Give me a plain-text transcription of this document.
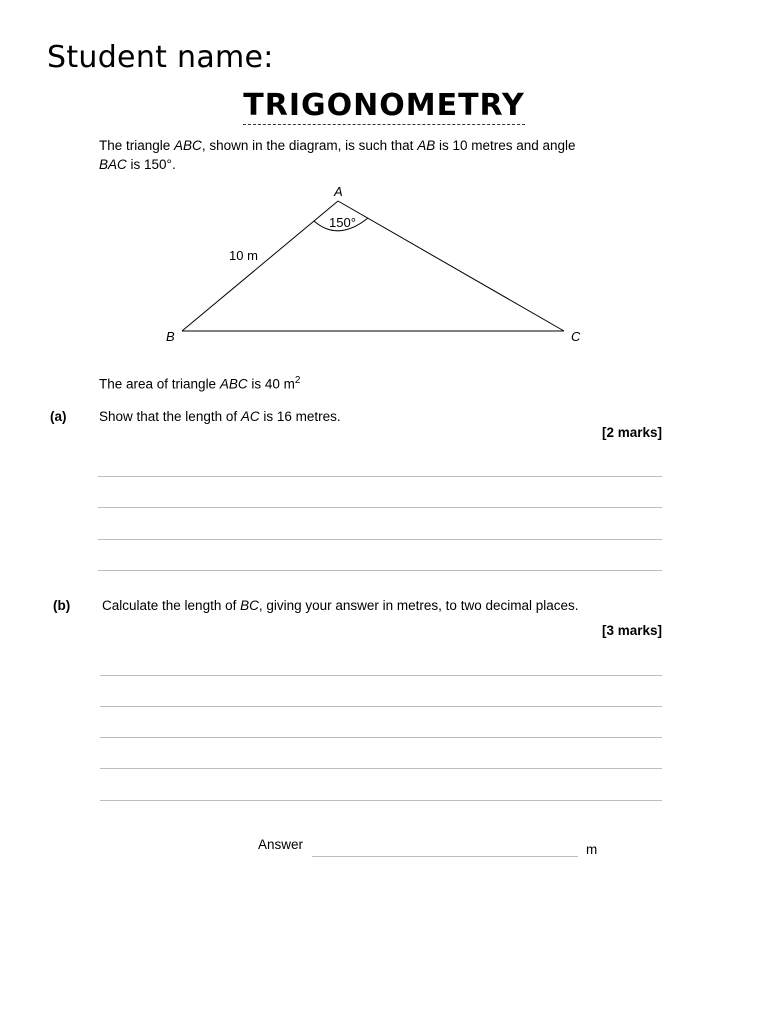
Student name:
TRIGONOMETRY
The triangle ABC, shown in the diagram, is such that AB is 10 metres and angle
BAC is 150°.
A
B	C
150°
10 m
The area of triangle ABC is 40 $m^2$
(a) Show that the length of AC is 16 metres.
[2 marks]
(b) Calculate the length of BC, giving your answer in metres, to two decimal places.
[3 marks]
Answer	m
